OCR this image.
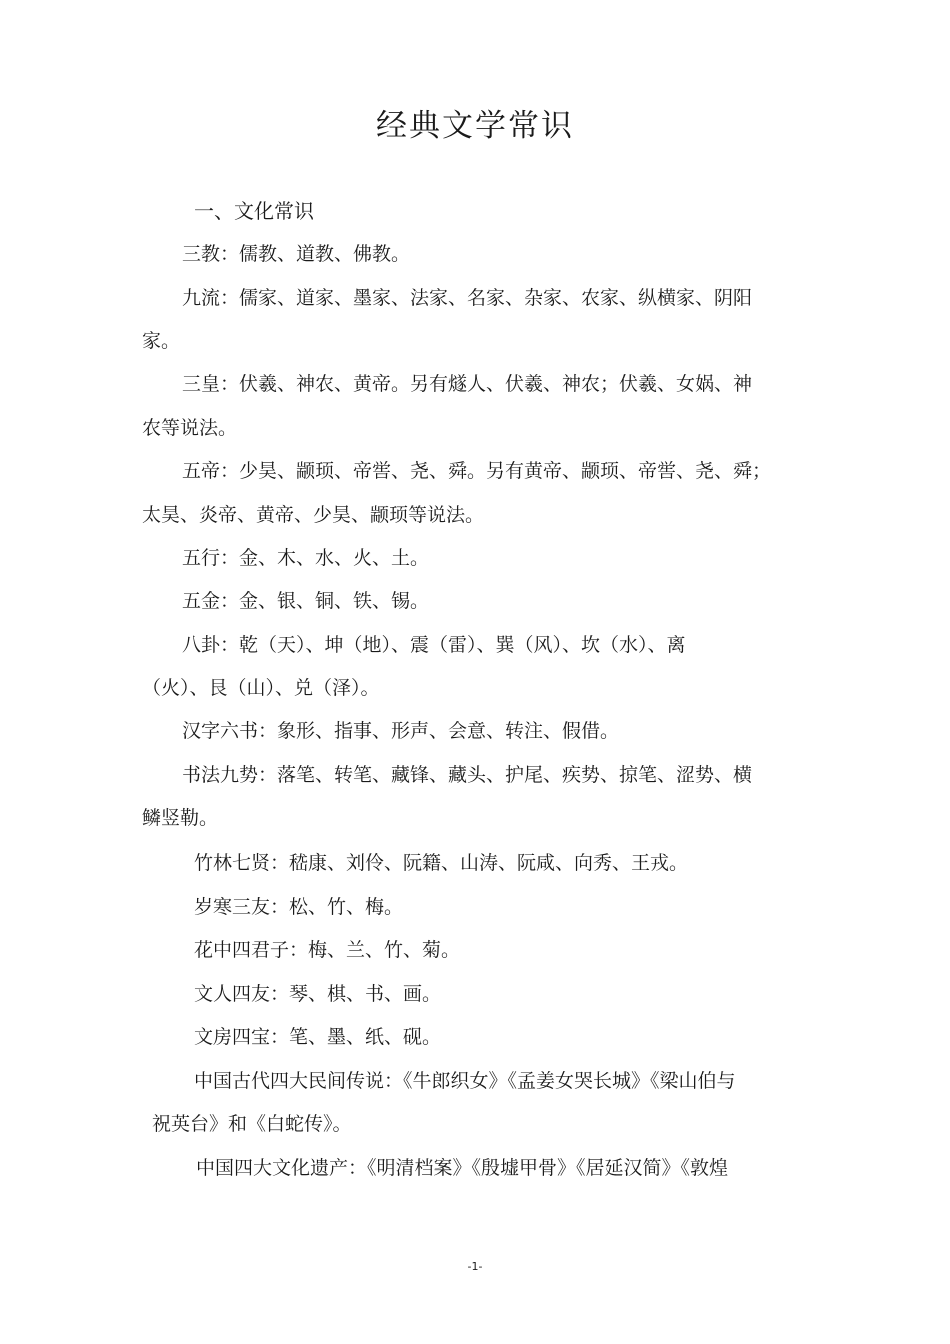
经典文学常识
一、文化常识
三教：儒教、道教、佛教。
九流：儒家、道家、墨家、法家、名家、杂家、农家、纵横家、阴阳
家。
三皇：伏羲、神农、黄帝。另有燧人、伏羲、神农；伏羲、女娲、神
农等说法。
五帝：少昊、颛顼、帝喾、尧、舜。另有黄帝、颛顼、帝喾、尧、舜；
太昊、炎帝、黄帝、少昊、颛顼等说法。
五行：金、木、水、火、土。
五金：金、银、铜、铁、锡。
八卦：乾（天）、坤（地）、震（雷）、巽（风）、坎（水）、离
（火）、艮（山）、兑（泽）。
汉字六书：象形、指事、形声、会意、转注、假借。
书法九势：落笔、转笔、藏锋、藏头、护尾、疾势、掠笔、涩势、横
鳞竖勒。
竹林七贤：嵇康、刘伶、阮籍、山涛、阮咸、向秀、王戎。
岁寒三友：松、竹、梅。
花中四君子：梅、兰、竹、菊。
文人四友：琴、棋、书、画。
文房四宝：笔、墨、纸、砚。
中国古代四大民间传说：《牛郎织女》《孟姜女哭长城》《梁山伯与
祝英台》和《白蛇传》。
中国四大文化遗产：《明清档案》《殷墟甲骨》《居延汉简》《敦煌
-1-
